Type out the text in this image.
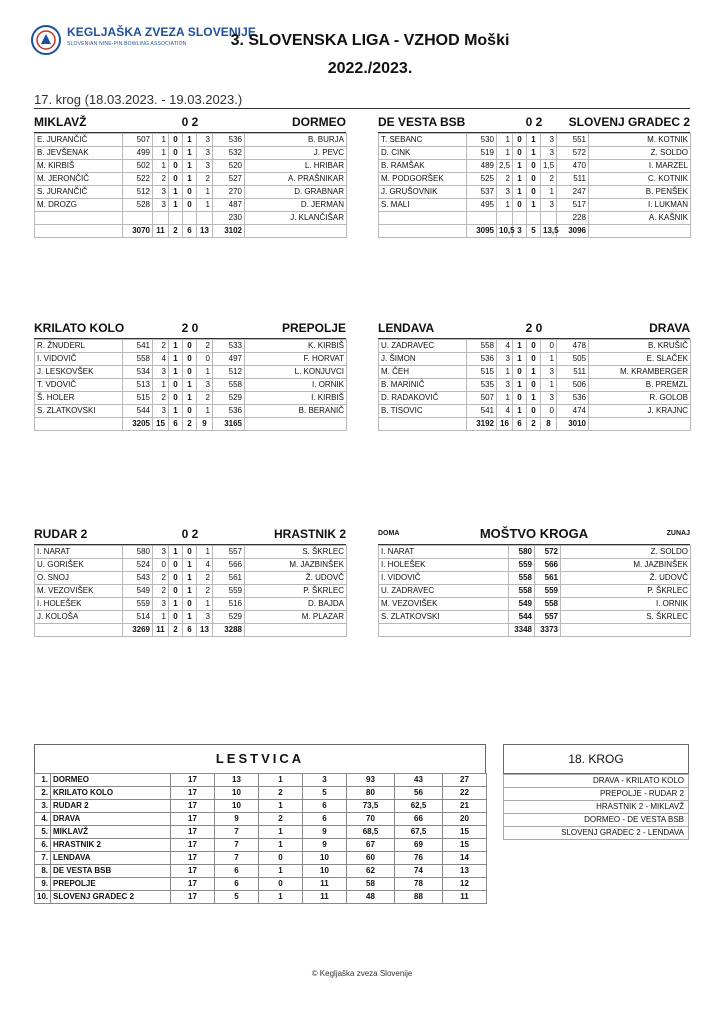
KEGLJAŠKA ZVEZA SLOVENIJE
SLOVENIAN NINE-PIN BOWLING ASSOCIATION	3. SLOVENSKA LIGA - VZHOD Moški
2022./2023.
17. krog (18.03.2023. - 19.03.2023.)
MIKLAVŽ	0 2	DORMEO
E. JURANČIČ	507	1	0	1	3	536	B. BURJA
B. JEVŠENAK	499	1	0	1	3	532	J. PEVC
M. KIRBIŠ	502	1	0	1	3	520	L. HRIBAR
M. JERONČIČ	522	2	0	1	2	527	A. PRAŠNIKAR
S. JURANČIČ	512	3	1	0	1	270	D. GRABNAR
M. DROZG	528	3	1	0	1	487	D. JERMAN
						230	J. KLANČIŠAR
	3070	11	2	6	13	3102	
DE VESTA BSB	0 2	SLOVENJ GRADEC 2
T. SEBANC	530	1	0	1	3	551	M. KOTNIK
D. CINK	519	1	0	1	3	572	Z. SOLDO
B. RAMŠAK	489	2,5	1	0	1,5	470	I. MARZEL
M. PODGORŠEK	525	2	1	0	2	511	C. KOTNIK
J. GRUŠOVNIK	537	3	1	0	1	247	B. PENŠEK
S. MALI	495	1	0	1	3	517	I. LUKMAN
						228	A. KAŠNIK
	3095	10,5	3	5	13,5	3096	
KRILATO KOLO	2 0	PREPOLJE
R. ŽNUDERL	541	2	1	0	2	533	K. KIRBIŠ
I. VIDOVIČ	558	4	1	0	0	497	F. HORVAT
J. LESKOVŠEK	534	3	1	0	1	512	L. KONJUVCI
T. VDOVIČ	513	1	0	1	3	558	I. ORNIK
Š. HOLER	515	2	0	1	2	529	I. KIRBIŠ
S. ZLATKOVSKI	544	3	1	0	1	536	B. BERANIČ
	3205	15	6	2	9	3165	
LENDAVA	2 0	DRAVA
U. ZADRAVEC	558	4	1	0	0	478	B. KRUŠIČ
J. ŠIMON	536	3	1	0	1	505	E. SLAČEK
M. ČEH	515	1	0	1	3	511	M. KRAMBERGER
B. MARINIČ	535	3	1	0	1	506	B. PREMZL
D. RADAKOVIČ	507	1	0	1	3	536	R. GOLOB
B. TISOVIC	541	4	1	0	0	474	J. KRAJNC
	3192	16	6	2	8	3010	
RUDAR 2	0 2	HRASTNIK 2
I. NARAT	580	3	1	0	1	557	S. ŠKRLEC
U. GORIŠEK	524	0	0	1	4	566	M. JAZBINŠEK
O. SNOJ	543	2	0	1	2	561	Ž. UDOVČ
M. VEZOVIŠEK	549	2	0	1	2	559	P. ŠKRLEC
I. HOLEŠEK	559	3	1	0	1	516	D. BAJDA
J. KOLOŠA	514	1	0	1	3	529	M. PLAZAR
	3269	11	2	6	13	3288	
DOMA	MOŠTVO KROGA	ZUNAJ
I. NARAT	580	572	Z. SOLDO
I. HOLEŠEK	559	566	M. JAZBINŠEK
I. VIDOVIČ	558	561	Ž. UDOVČ
U. ZADRAVEC	558	559	P. ŠKRLEC
M. VEZOVIŠEK	549	558	I. ORNIK
S. ZLATKOVSKI	544	557	S. ŠKRLEC
	3348	3373	
LESTVICA
1.	DORMEO	17	13	1	3	93	43	27
2.	KRILATO KOLO	17	10	2	5	80	56	22
3.	RUDAR 2	17	10	1	6	73,5	62,5	21
4.	DRAVA	17	9	2	6	70	66	20
5.	MIKLAVŽ	17	7	1	9	68,5	67,5	15
6.	HRASTNIK 2	17	7	1	9	67	69	15
7.	LENDAVA	17	7	0	10	60	76	14
8.	DE VESTA BSB	17	6	1	10	62	74	13
9.	PREPOLJE	17	6	0	11	58	78	12
10.	SLOVENJ GRADEC 2	17	5	1	11	48	88	11
18. KROG
DRAVA - KRILATO KOLO
PREPOLJE - RUDAR 2
HRASTNIK 2 - MIKLAVŽ
DORMEO - DE VESTA BSB
SLOVENJ GRADEC 2 - LENDAVA
© Kegljaška zveza Slovenije
